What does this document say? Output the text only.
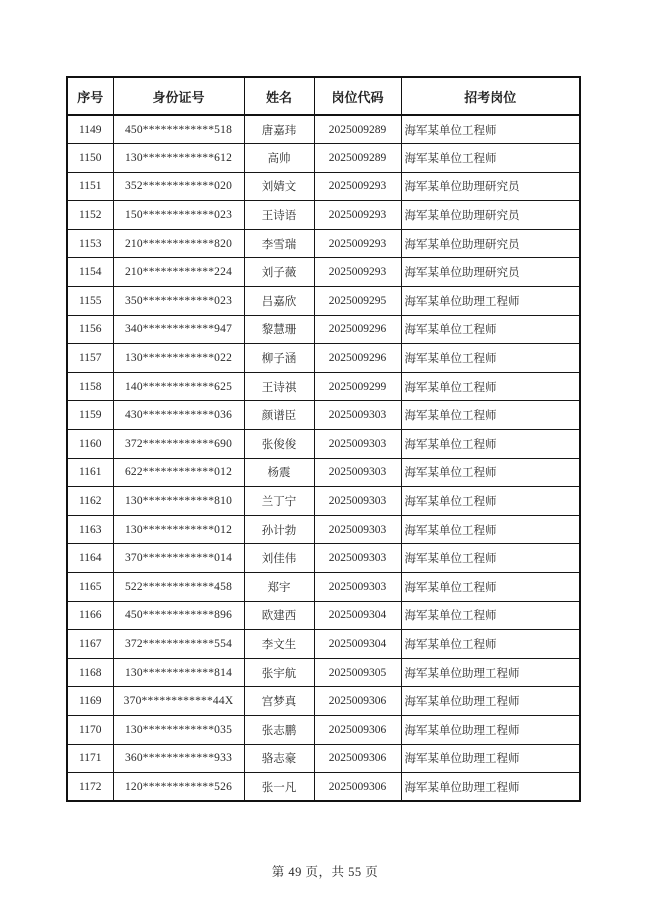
序号	身份证号	姓名	岗位代码	招考岗位
1149	450************518	唐嘉玮	2025009289	海军某单位工程师
1150	130************612	高帅	2025009289	海军某单位工程师
1151	352************020	刘婧文	2025009293	海军某单位助理研究员
1152	150************023	王诗语	2025009293	海军某单位助理研究员
1153	210************820	李雪瑞	2025009293	海军某单位助理研究员
1154	210************224	刘子薇	2025009293	海军某单位助理研究员
1155	350************023	吕嘉欣	2025009295	海军某单位助理工程师
1156	340************947	黎慧珊	2025009296	海军某单位工程师
1157	130************022	柳子涵	2025009296	海军某单位工程师
1158	140************625	王诗祺	2025009299	海军某单位工程师
1159	430************036	颜谱臣	2025009303	海军某单位工程师
1160	372************690	张俊俊	2025009303	海军某单位工程师
1161	622************012	杨震	2025009303	海军某单位工程师
1162	130************810	兰丁宁	2025009303	海军某单位工程师
1163	130************012	孙计勃	2025009303	海军某单位工程师
1164	370************014	刘佳伟	2025009303	海军某单位工程师
1165	522************458	郑宇	2025009303	海军某单位工程师
1166	450************896	欧建西	2025009304	海军某单位工程师
1167	372************554	李文生	2025009304	海军某单位工程师
1168	130************814	张宇航	2025009305	海军某单位助理工程师
1169	370************44X	宫梦真	2025009306	海军某单位助理工程师
1170	130************035	张志鹏	2025009306	海军某单位助理工程师
1171	360************933	骆志豪	2025009306	海军某单位助理工程师
1172	120************526	张一凡	2025009306	海军某单位助理工程师
第 49 页，共 55 页
